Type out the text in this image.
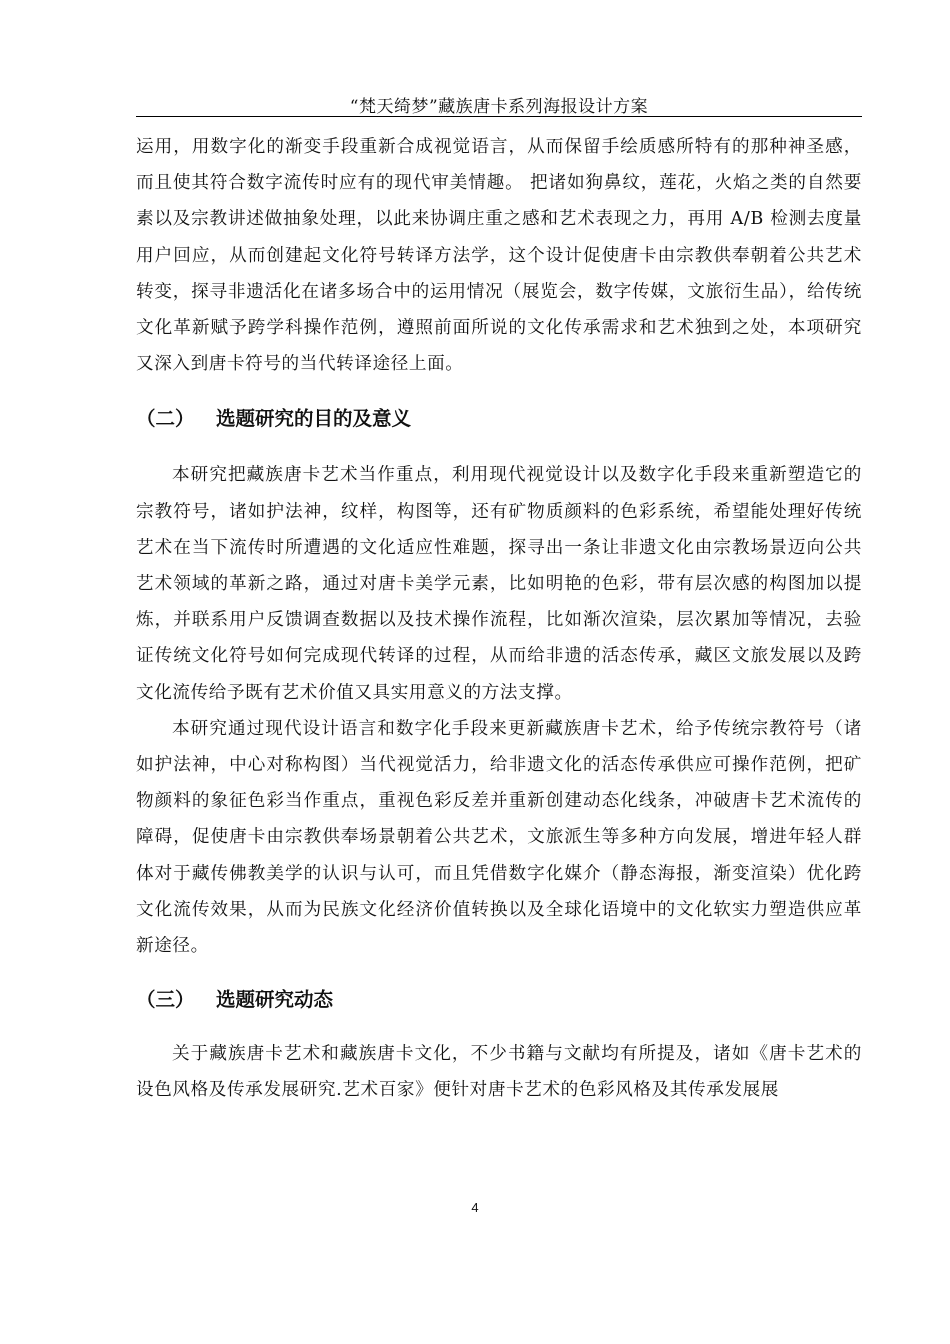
“梵天绮梦”藏族唐卡系列海报设计方案

运用，用数字化的渐变手段重新合成视觉语言，从而保留手绘质感所特有的那种神圣感，而且使其符合数字流传时应有的现代审美情趣。 把诸如狗鼻纹，莲花，火焰之类的自然要素以及宗教讲述做抽象处理，以此来协调庄重之感和艺术表现之力，再用 A/B 检测去度量用户回应，从而创建起文化符号转译方法学，这个设计促使唐卡由宗教供奉朝着公共艺术转变，探寻非遗活化在诸多场合中的运用情况（展览会，数字传媒，文旅衍生品），给传统文化革新赋予跨学科操作范例，遵照前面所说的文化传承需求和艺术独到之处，本项研究又深入到唐卡符号的当代转译途径上面。

（二） 选题研究的目的及意义

本研究把藏族唐卡艺术当作重点，利用现代视觉设计以及数字化手段来重新塑造它的宗教符号，诸如护法神，纹样，构图等，还有矿物质颜料的色彩系统，希望能处理好传统艺术在当下流传时所遭遇的文化适应性难题，探寻出一条让非遗文化由宗教场景迈向公共艺术领域的革新之路，通过对唐卡美学元素，比如明艳的色彩，带有层次感的构图加以提炼，并联系用户反馈调查数据以及技术操作流程，比如渐次渲染，层次累加等情况，去验证传统文化符号如何完成现代转译的过程，从而给非遗的活态传承，藏区文旅发展以及跨文化流传给予既有艺术价值又具实用意义的方法支撑。

本研究通过现代设计语言和数字化手段来更新藏族唐卡艺术，给予传统宗教符号（诸如护法神，中心对称构图）当代视觉活力，给非遗文化的活态传承供应可操作范例，把矿物颜料的象征色彩当作重点，重视色彩反差并重新创建动态化线条，冲破唐卡艺术流传的障碍，促使唐卡由宗教供奉场景朝着公共艺术，文旅派生等多种方向发展，增进年轻人群体对于藏传佛教美学的认识与认可，而且凭借数字化媒介（静态海报，渐变渲染）优化跨文化流传效果，从而为民族文化经济价值转换以及全球化语境中的文化软实力塑造供应革新途径。

（三） 选题研究动态

关于藏族唐卡艺术和藏族唐卡文化，不少书籍与文献均有所提及，诸如《唐卡艺术的设色风格及传承发展研究.艺术百家》便针对唐卡艺术的色彩风格及其传承发展展

4
